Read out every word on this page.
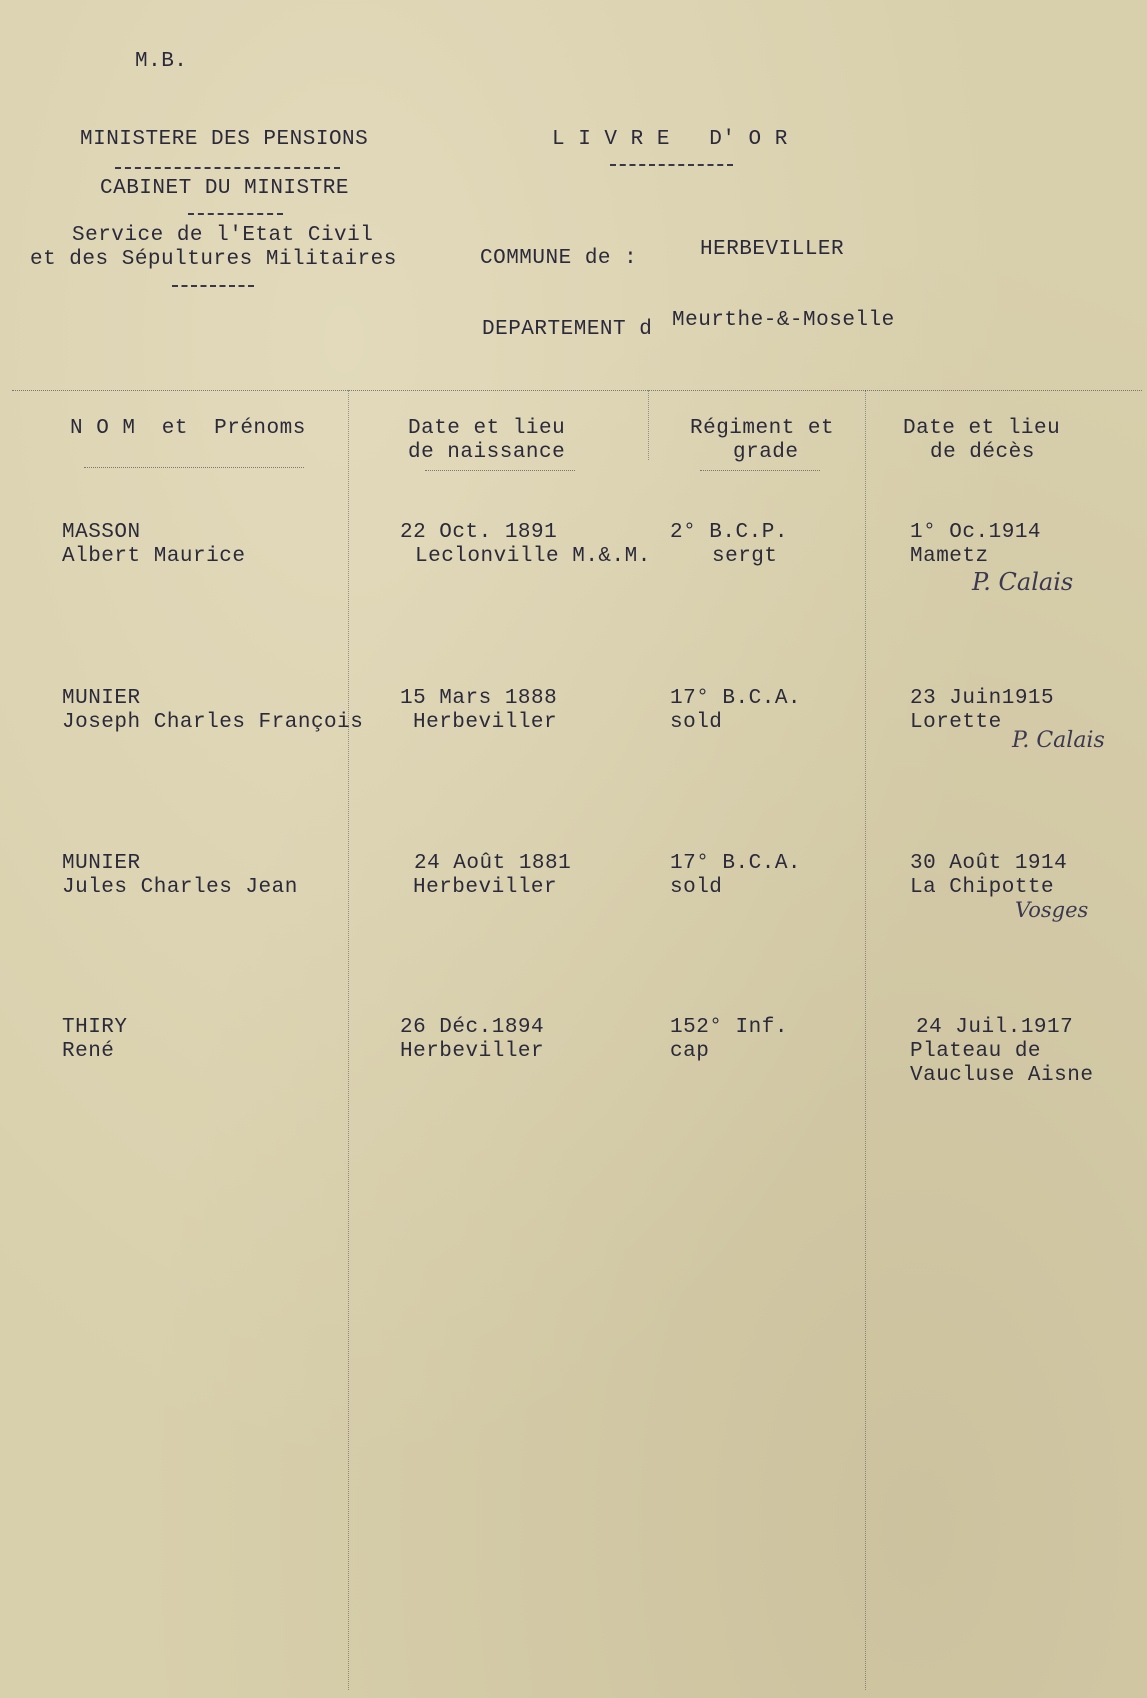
M.B.
MINISTERE DES PENSIONS
CABINET DU MINISTRE
Service de l'Etat Civil
et des Sépultures Militaires
L I V R E   D' O R
COMMUNE de :	HERBEVILLER
DEPARTEMENT d Meurthe-&-Moselle
N O M  et  Prénoms	Date et lieu
de naissance
Régiment et
grade
Date et lieu
de décès
MASSON
Albert Maurice
22 Oct. 1891
Leclonville M.&.M.
2° B.C.P.
sergt
1° Oc.1914
Mametz
P. Calais
MUNIER
Joseph Charles François
15 Mars 1888
Herbeviller
17° B.C.A.
sold
23 Juin1915
Lorette
P. Calais
MUNIER
Jules Charles Jean
24 Août 1881
Herbeviller
17° B.C.A.
sold
30 Août 1914
La Chipotte
Vosges
THIRY
René
26 Déc.1894
Herbeviller
152° Inf.
cap
24 Juil.1917
Plateau de
Vaucluse Aisne
